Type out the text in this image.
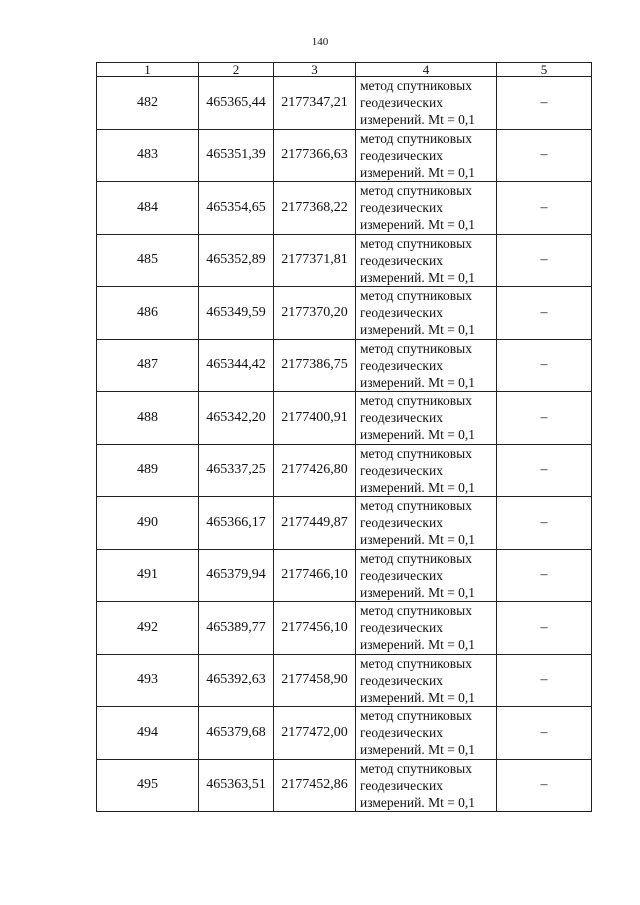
140
1	2	3	4	5
482	465365,44	2177347,21	метод спутниковых
геодезических
измерений. Mt = 0,1	–
483	465351,39	2177366,63	метод спутниковых
геодезических
измерений. Mt = 0,1	–
484	465354,65	2177368,22	метод спутниковых
геодезических
измерений. Mt = 0,1	–
485	465352,89	2177371,81	метод спутниковых
геодезических
измерений. Mt = 0,1	–
486	465349,59	2177370,20	метод спутниковых
геодезических
измерений. Mt = 0,1	–
487	465344,42	2177386,75	метод спутниковых
геодезических
измерений. Mt = 0,1	–
488	465342,20	2177400,91	метод спутниковых
геодезических
измерений. Mt = 0,1	–
489	465337,25	2177426,80	метод спутниковых
геодезических
измерений. Mt = 0,1	–
490	465366,17	2177449,87	метод спутниковых
геодезических
измерений. Mt = 0,1	–
491	465379,94	2177466,10	метод спутниковых
геодезических
измерений. Mt = 0,1	–
492	465389,77	2177456,10	метод спутниковых
геодезических
измерений. Mt = 0,1	–
493	465392,63	2177458,90	метод спутниковых
геодезических
измерений. Mt = 0,1	–
494	465379,68	2177472,00	метод спутниковых
геодезических
измерений. Mt = 0,1	–
495	465363,51	2177452,86	метод спутниковых
геодезических
измерений. Mt = 0,1	–
